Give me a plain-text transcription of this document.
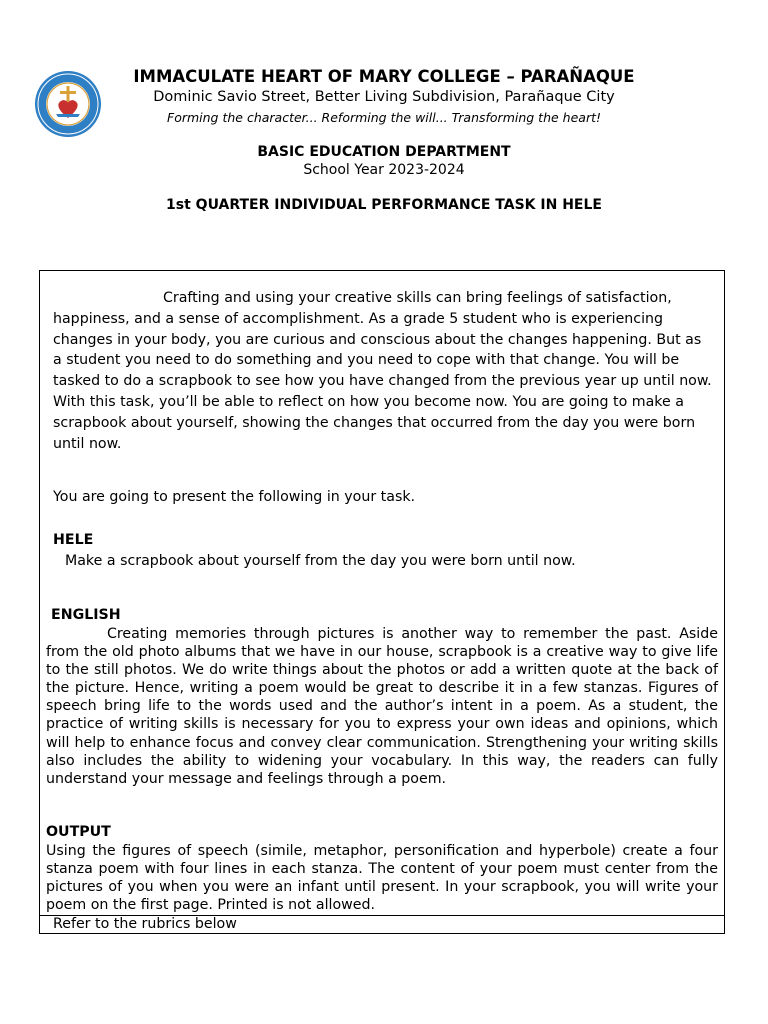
IMMACULATE HEART OF MARY COLLEGE – PARAÑAQUE
Dominic Savio Street, Better Living Subdivision, Parañaque City
Forming the character... Reforming the will... Transforming the heart!
BASIC EDUCATION DEPARTMENT
School Year 2023-2024
1st QUARTER INDIVIDUAL PERFORMANCE TASK IN HELE
Crafting and using your creative skills can bring feelings of satisfaction, happiness, and a sense of accomplishment. As a grade 5 student who is experiencing changes in your body, you are curious and conscious about the changes happening. But as a student you need to do something and you need to cope with that change. You will be tasked to do a scrapbook to see how you have changed from the previous year up until now. With this task, you’ll be able to reflect on how you become now. You are going to make a scrapbook about yourself, showing the changes that occurred from the day you were born until now.
You are going to present the following in your task.
HELE
Make a scrapbook about yourself from the day you were born until now.
ENGLISH
Creating memories through pictures is another way to remember the past. Aside from the old photo albums that we have in our house, scrapbook is a creative way to give life to the still photos. We do write things about the photos or add a written quote at the back of the picture. Hence, writing a poem would be great to describe it in a few stanzas. Figures of speech bring life to the words used and the author’s intent in a poem. As a student, the practice of writing skills is necessary for you to express your own ideas and opinions, which will help to enhance focus and convey clear communication. Strengthening your writing skills also includes the ability to widening your vocabulary. In this way, the readers can fully understand your message and feelings through a poem.
OUTPUT
Using the figures of speech (simile, metaphor, personification and hyperbole) create a four stanza poem with four lines in each stanza. The content of your poem must center from the pictures of you when you were an infant until present. In your scrapbook, you will write your poem on the first page. Printed is not allowed.
Refer to the rubrics below
